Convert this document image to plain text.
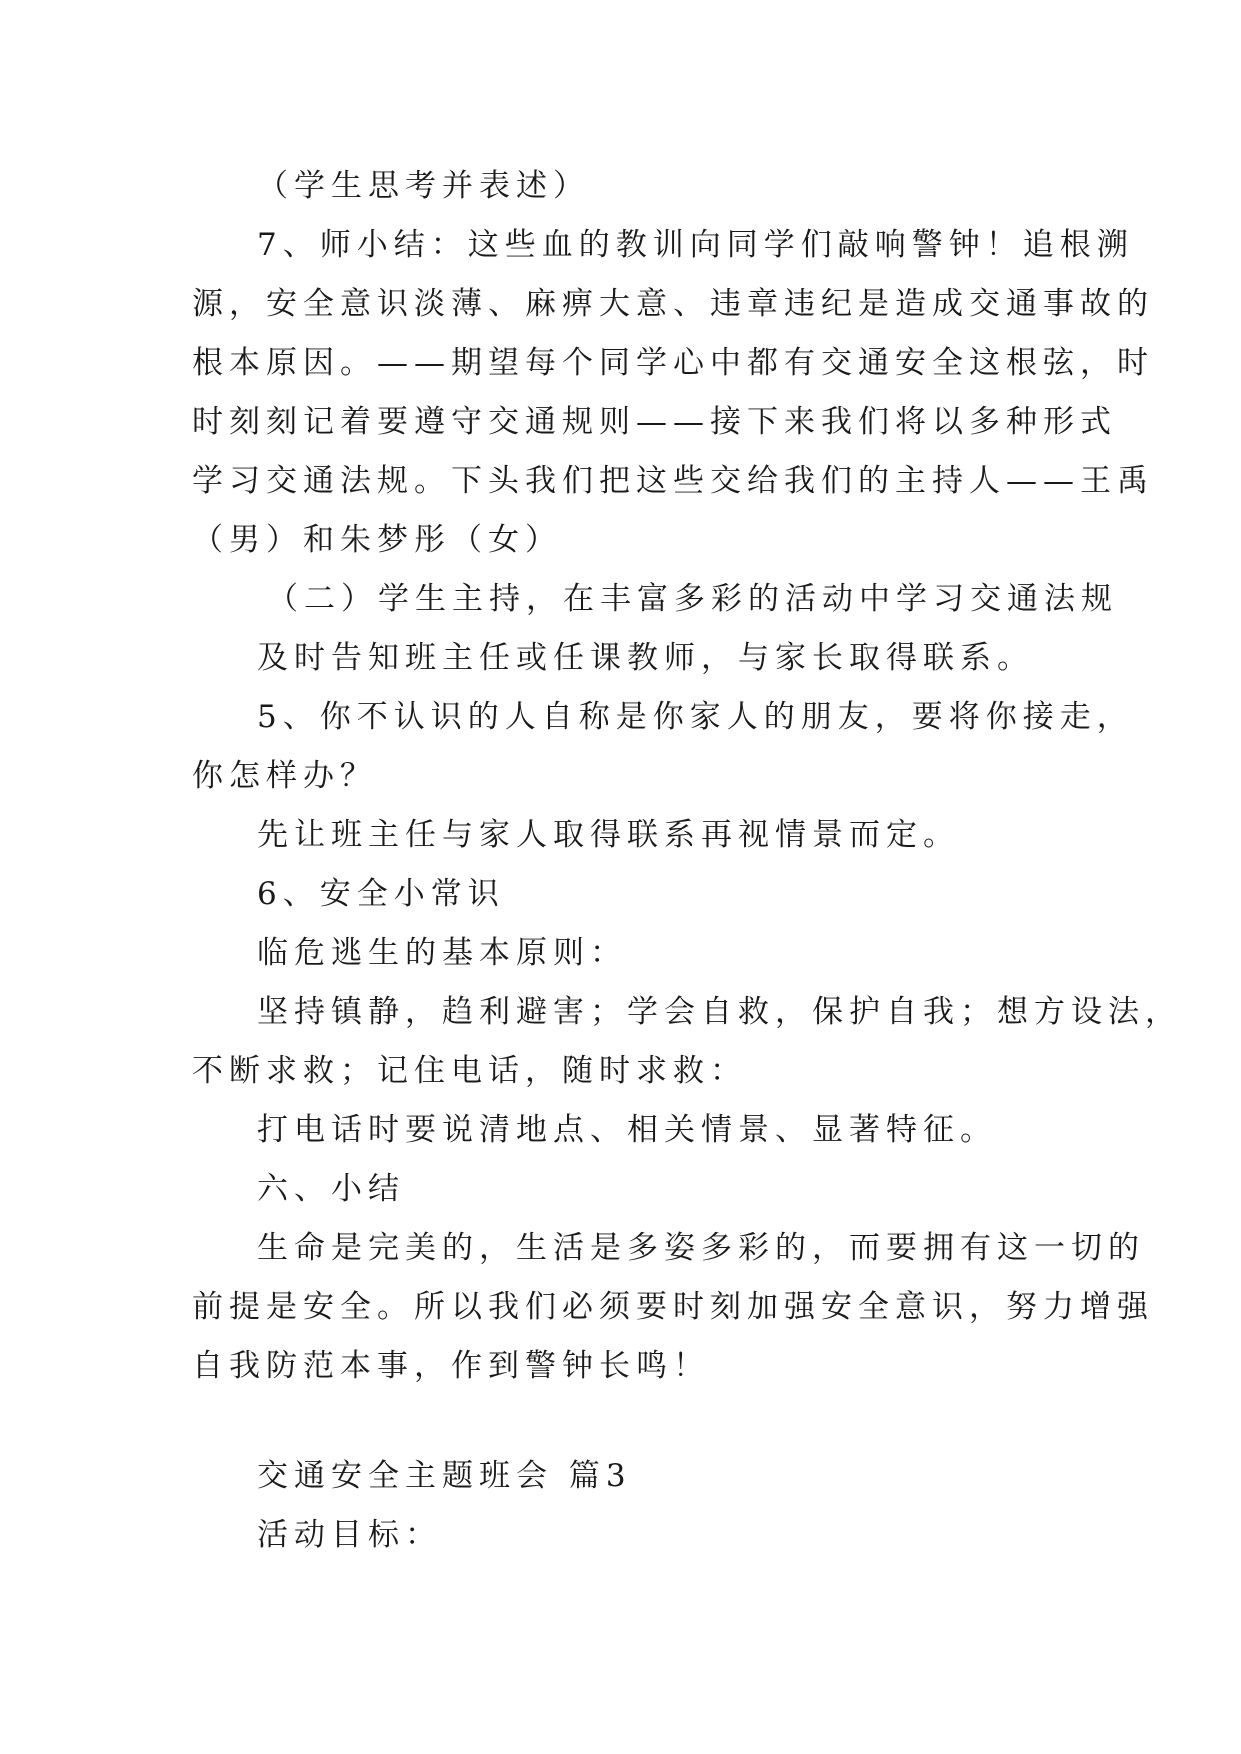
（学生思考并表述）
7、师小结：这些血的教训向同学们敲响警钟！追根溯
源，安全意识淡薄、麻痹大意、违章违纪是造成交通事故的
根本原因。——期望每个同学心中都有交通安全这根弦，时
时刻刻记着要遵守交通规则——接下来我们将以多种形式
学习交通法规。下头我们把这些交给我们的主持人——王禹
（男）和朱梦彤（女）
（二）学生主持，在丰富多彩的活动中学习交通法规
及时告知班主任或任课教师，与家长取得联系。
5、你不认识的人自称是你家人的朋友，要将你接走，
你怎样办？
先让班主任与家人取得联系再视情景而定。
6、安全小常识
临危逃生的基本原则：
坚持镇静，趋利避害；学会自救，保护自我；想方设法，
不断求救；记住电话，随时求救：
打电话时要说清地点、相关情景、显著特征。
六、小结
生命是完美的，生活是多姿多彩的，而要拥有这一切的
前提是安全。所以我们必须要时刻加强安全意识，努力增强
自我防范本事，作到警钟长鸣！
交通安全主题班会 篇3
活动目标：
